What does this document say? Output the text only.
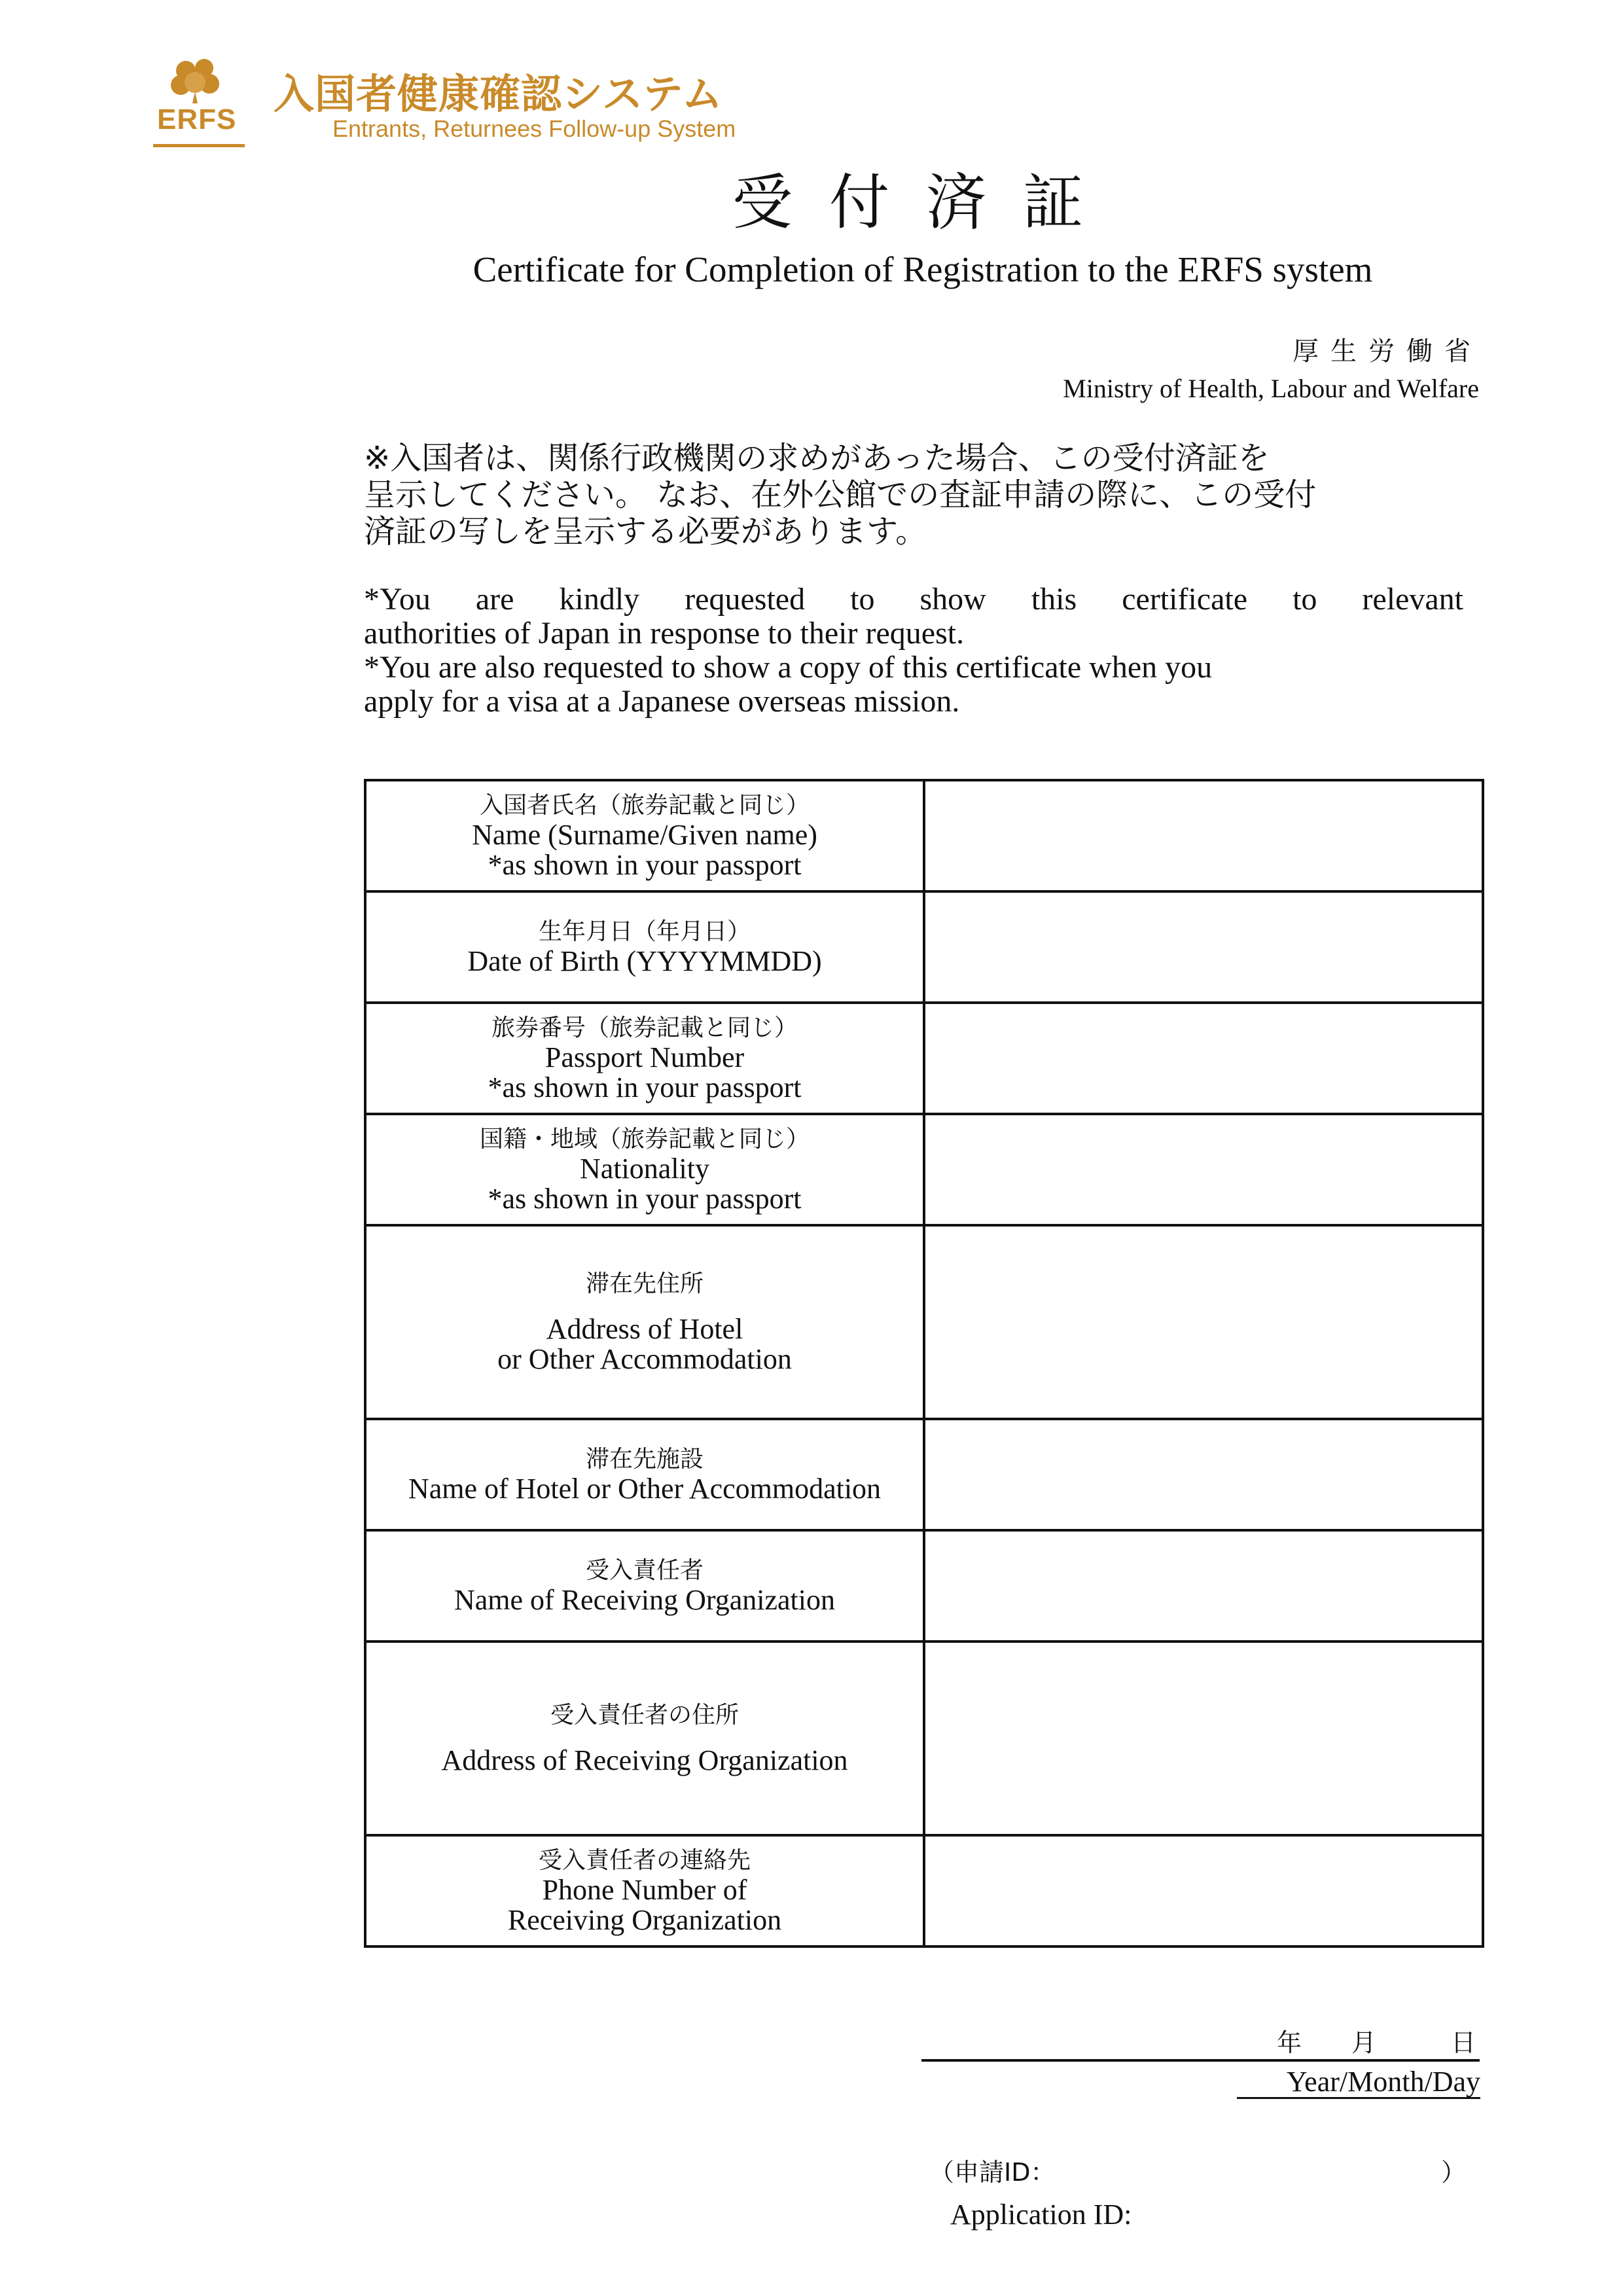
ERFS
入国者健康確認システム
Entrants, Returnees Follow-up System
受付済証
Certificate for Completion of Registration to the ERFS system
厚生労働省
Ministry of Health, Labour and Welfare
※入国者は、関係行政機関の求めがあった場合、この受付済証を
呈示してください。 なお、在外公館での査証申請の際に、この受付
済証の写しを呈示する必要があります。
*You are kindly requested to show this certificate to relevant
authorities of Japan in response to their request.
*You are also requested to show a copy of this certificate when you
apply for a visa at a Japanese overseas mission.
入国者氏名（旅券記載と同じ）
Name (Surname/Given name)
*as shown in your passport	

生年月日（年月日）
Date of Birth (YYYYMMDD)	

旅券番号（旅券記載と同じ）
Passport Number
*as shown in your passport	

国籍・地域（旅券記載と同じ）
Nationality
*as shown in your passport	

滞在先住所
Address of Hotel
or Other Accommodation	

滞在先施設
Name of Hotel or Other Accommodation	

受入責任者
Name of Receiving Organization	

受入責任者の住所
Address of Receiving Organization	

受入責任者の連絡先
Phone Number of
Receiving Organization	

年　　月　　　日
Year/Month/Day
（申請ID：	）
Application ID:
